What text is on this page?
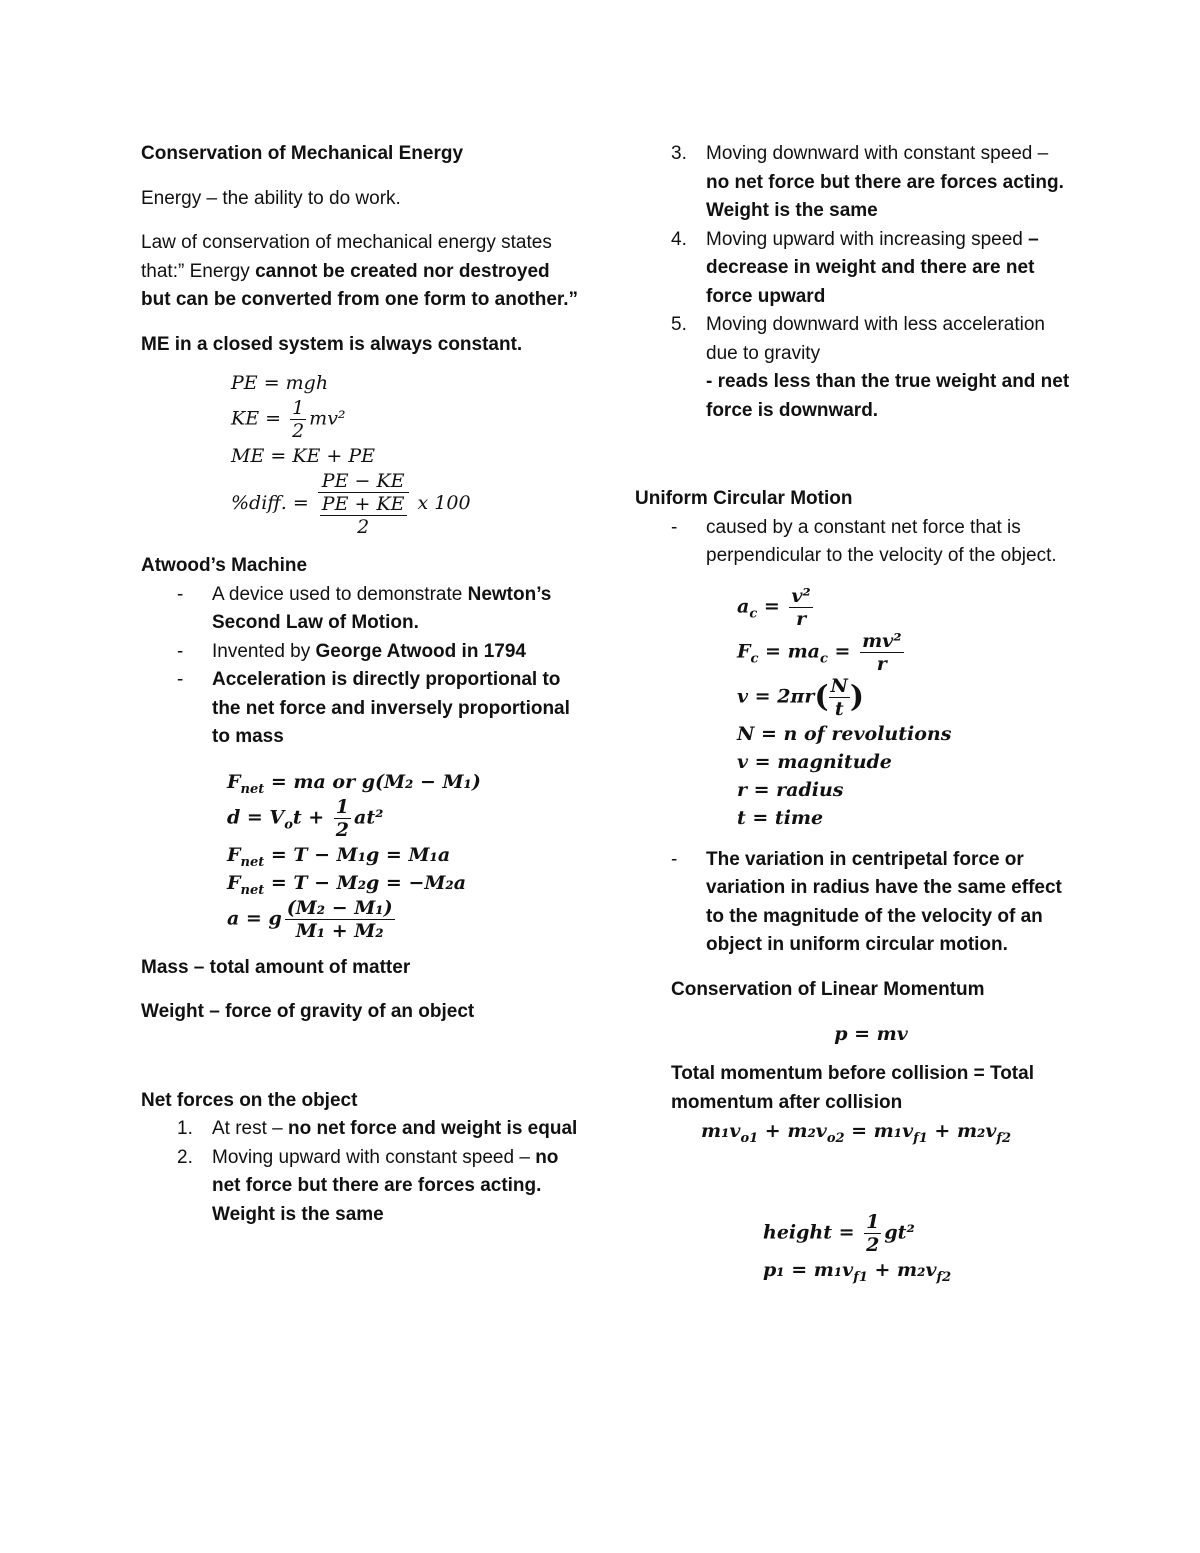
Conservation of Mechanical Energy

Energy – the ability to do work.

Law of conservation of mechanical energy states that:” Energy cannot be created nor destroyed but can be converted from one form to another.”

ME in a closed system is always constant.

PE = mgh
KE = $\frac{1}{2} mv^2$
ME = KE + PE
%diff. = $\frac{PE - KE}{\frac{PE + KE}{2}}$ x 100

Atwood’s Machine

- A device used to demonstrate Newton’s Second Law of Motion.
- Invented by George Atwood in 1794
- Acceleration is directly proportional to the net force and inversely proportional to mass
$F_{net}$ = ma or g(M₂ − M₁)
$d = V_ot + \frac{1}{2} at^2$
$F_{net} = T - M_1g = M_1a$
$F_{net} = T - M_2g = -M_2a$
a = g $\frac{\text{(M₂ − M₁)}}{\text{M₁ + M₂}}$

Mass – total amount of matter

Weight – force of gravity of an object

Net forces on the object

1. At rest – no net force and weight is equal
2. Moving upward with constant speed – no net force but there are forces acting. Weight is the same
3. Moving downward with constant speed – no net force but there are forces acting. Weight is the same
4. Moving upward with increasing speed – decrease in weight and there are net force upward
5. Moving downward with less acceleration due to gravity
- reads less than the true weight and net force is downward.

Uniform Circular Motion

- caused by a constant net force that is perpendicular to the velocity of the object.
$a_c = \frac{\text{v²}}{r}$
$F_c = ma_c = \frac{\text{mv²}}{r}$
$v = 2\pi r( \frac{N}{t}$ )
N = n of revolutions
v = magnitude
r = radius
t = time
- The variation in centripetal force or variation in radius have the same effect to the magnitude of the velocity of an object in uniform circular motion.

Conservation of Linear Momentum

p = mv

Total momentum before collision = Total momentum after collision

$m_1v_{o1} + m_2v_{o2} = m_1v_{f1} + m_2v_{f2}$
height = $\frac{1}{2} gt^2$
$p_1 = m_1v_{f1} + m_2v_{f2}$
